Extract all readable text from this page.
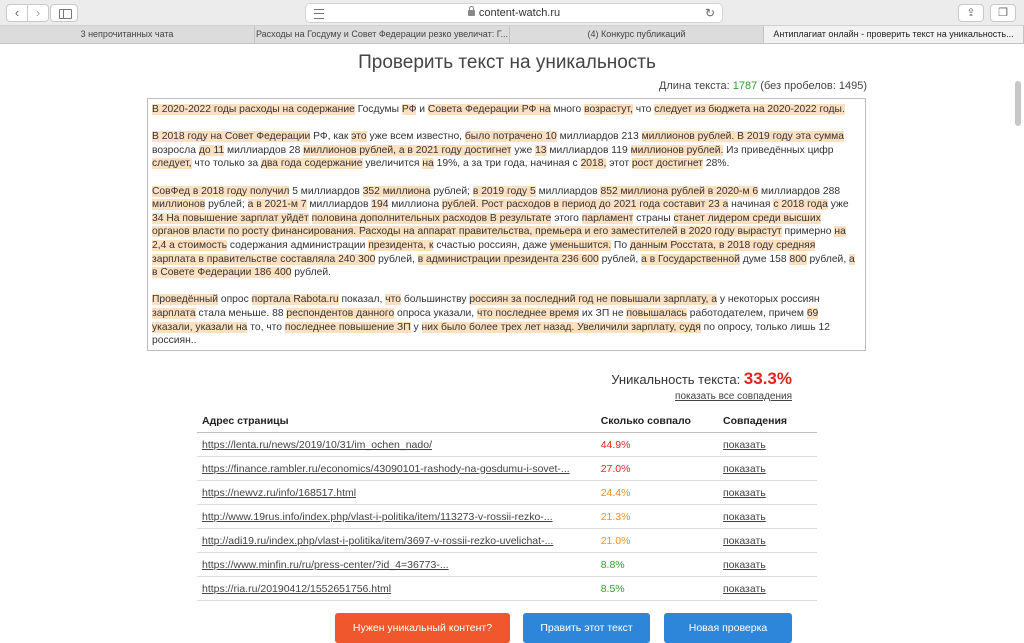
‹	›	content-watch.ru	↻	⇪	❐
3 непрочитанных чата	Расходы на Госдуму и Совет Федерации резко увеличат: Г...	(4) Конкурс публикаций	Антиплагиат онлайн - проверить текст на уникальность...
Проверить текст на уникальность
Длина текста: 1787 (без пробелов: 1495)

В 2020-2022 годы расходы на содержание Госдумы РФ и Совета Федерации РФ на много возрастут, что следует из бюджета на 2020-2022 годы.

В 2018 году на Совет Федерации РФ, как это уже всем известно, было потрачено 10 миллиардов 213 миллионов рублей. В 2019 году эта сумма возросла до 11 миллиардов 28 миллионов рублей, а в 2021 году достигнет уже 13 миллиардов 119 миллионов рублей. Из приведённых цифр следует, что только за два года содержание увеличится на 19%, а за три года, начиная с 2018, этот рост достигнет 28%.

СовФед в 2018 году получил 5 миллиардов 352 миллиона рублей; в 2019 году 5 миллиардов 852 миллиона рублей в 2020-м 6 миллиардов 288 миллионов рублей; а в 2021-м 7 миллиардов 194 миллиона рублей. Рост расходов в период до 2021 года составит 23 а начиная с 2018 года уже 34 На повышение зарплат уйдёт половина дополнительных расходов В результате этого парламент страны станет лидером среди высших органов власти по росту финансирования. Расходы на аппарат правительства, премьера и его заместителей в 2020 году вырастут примерно на 2,4 а стоимость содержания администрации президента, к счастью россиян, даже уменьшится. По данным Росстата, в 2018 году средняя зарплата в правительстве составляла 240 300 рублей, в администрации президента 236 600 рублей, а в Государственной думе 158 800 рублей, а в Совете Федерации 186 400 рублей.

Проведённый опрос портала Rabota.ru показал, что большинству россиян за последний год не повышали зарплату, а у некоторых россиян зарплата стала меньше. 88 респондентов данного опроса указали, что последнее время их ЗП не повышалась работодателем, причем 69 указали, указали на то, что последнее повышение ЗП у них было более трех лет назад. Увеличили зарплату, судя по опросу, только лишь 12 россиян..

Уникальность текста: 33.3%
показать все совпадения
Адрес страницы	Сколько совпало	Совпадения
https://lenta.ru/news/2019/10/31/im_ochen_nado/	44.9%	показать
https://finance.rambler.ru/economics/43090101-rashody-na-gosdumu-i-sovet-...	27.0%	показать
https://newvz.ru/info/168517.html	24.4%	показать
http://www.19rus.info/index.php/vlast-i-politika/item/113273-v-rossii-rezko-...	21.3%	показать
http://adi19.ru/index.php/vlast-i-politika/item/3697-v-rossii-rezko-uvelichat-...	21.0%	показать
https://www.minfin.ru/ru/press-center/?id_4=36773-...	8.8%	показать
https://ria.ru/20190412/1552651756.html	8.5%	показать
Нужен уникальный контент?	Править этот текст	Новая проверка
